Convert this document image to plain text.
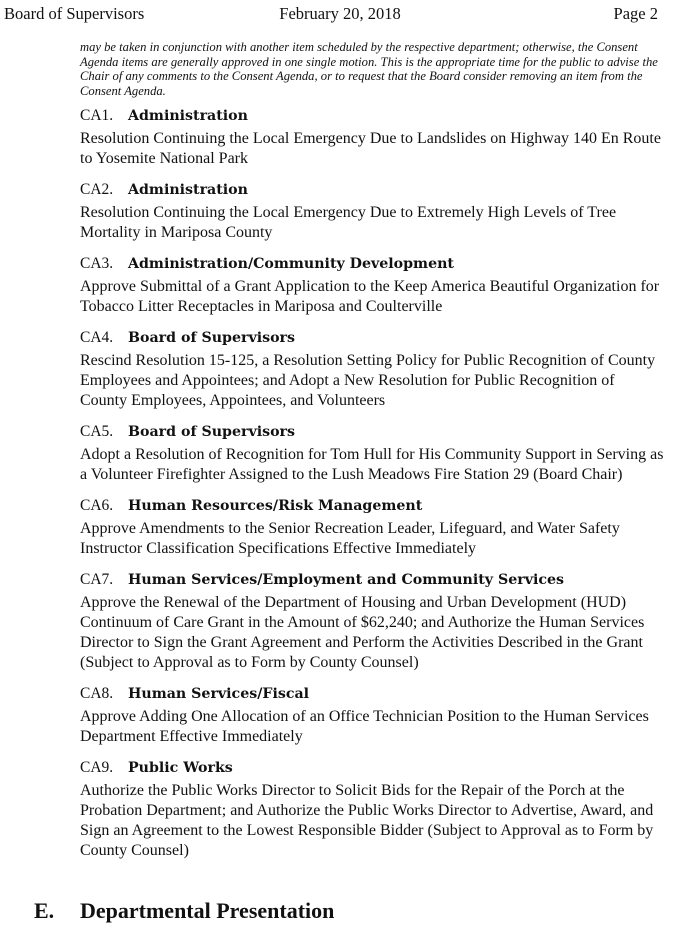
Board of Supervisors	February 20, 2018	Page 2
may be taken in conjunction with another item scheduled by the respective department; otherwise, the Consent Agenda items are generally approved in one single motion. This is the appropriate time for the public to advise the Chair of any comments to the Consent Agenda, or to request that the Board consider removing an item from the Consent Agenda.
CA1. Administration
Resolution Continuing the Local Emergency Due to Landslides on Highway 140 En Route to Yosemite National Park
CA2. Administration
Resolution Continuing the Local Emergency Due to Extremely High Levels of Tree Mortality in Mariposa County
CA3. Administration/Community Development
Approve Submittal of a Grant Application to the Keep America Beautiful Organization for Tobacco Litter Receptacles in Mariposa and Coulterville
CA4. Board of Supervisors
Rescind Resolution 15-125, a Resolution Setting Policy for Public Recognition of County Employees and Appointees; and Adopt a New Resolution for Public Recognition of County Employees, Appointees, and Volunteers
CA5. Board of Supervisors
Adopt a Resolution of Recognition for Tom Hull for His Community Support in Serving as a Volunteer Firefighter Assigned to the Lush Meadows Fire Station 29 (Board Chair)
CA6. Human Resources/Risk Management
Approve Amendments to the Senior Recreation Leader, Lifeguard, and Water Safety Instructor Classification Specifications Effective Immediately
CA7. Human Services/Employment and Community Services
Approve the Renewal of the Department of Housing and Urban Development (HUD) Continuum of Care Grant in the Amount of $62,240; and Authorize the Human Services Director to Sign the Grant Agreement and Perform the Activities Described in the Grant (Subject to Approval as to Form by County Counsel)
CA8. Human Services/Fiscal
Approve Adding One Allocation of an Office Technician Position to the Human Services Department Effective Immediately
CA9. Public Works
Authorize the Public Works Director to Solicit Bids for the Repair of the Porch at the Probation Department; and Authorize the Public Works Director to Advertise, Award, and Sign an Agreement to the Lowest Responsible Bidder (Subject to Approval as to Form by County Counsel)
E. Departmental Presentation
